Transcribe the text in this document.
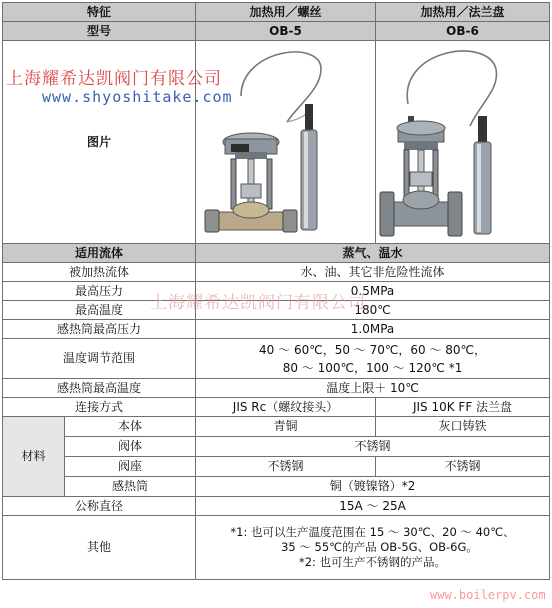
特征		加热用／螺丝	加热用／法兰盘
型号		OB-5	OB-6
图片	

适用流体		蒸气、温水	
被加热流体		水、油、其它非危险性流体	
最高压力		0.5MPa	
最高温度		180℃	
感热筒最高压力		1.0MPa	
温度调节范围		40 ～ 60℃，50 ～ 70℃，60 ～ 80℃，
80 ～ 100℃，100 ～ 120℃ *1	

感热筒最高温度		温度上限＋ 10℃	
连接方式		JIS Rc（螺纹接头）	JIS 10K FF 法兰盘
材料	本体	青铜	灰口铸铁
	阀体	不锈钢	
	阀座	不锈钢	不锈钢
	感热筒	铜（镀镍铬）*2	
公称直径		15A ～ 25A	
其他		*1: 也可以生产温度范围在 15 ～ 30℃、20 ～ 40℃、
35 ～ 55℃的产品 OB-5G、OB-6G。
*2: 也可生产不锈钢的产品。	
上海耀希达凯阀门有限公司
www.shyoshitake.com
上海耀希达凯阀门有限公司
www.boilerpv.com
